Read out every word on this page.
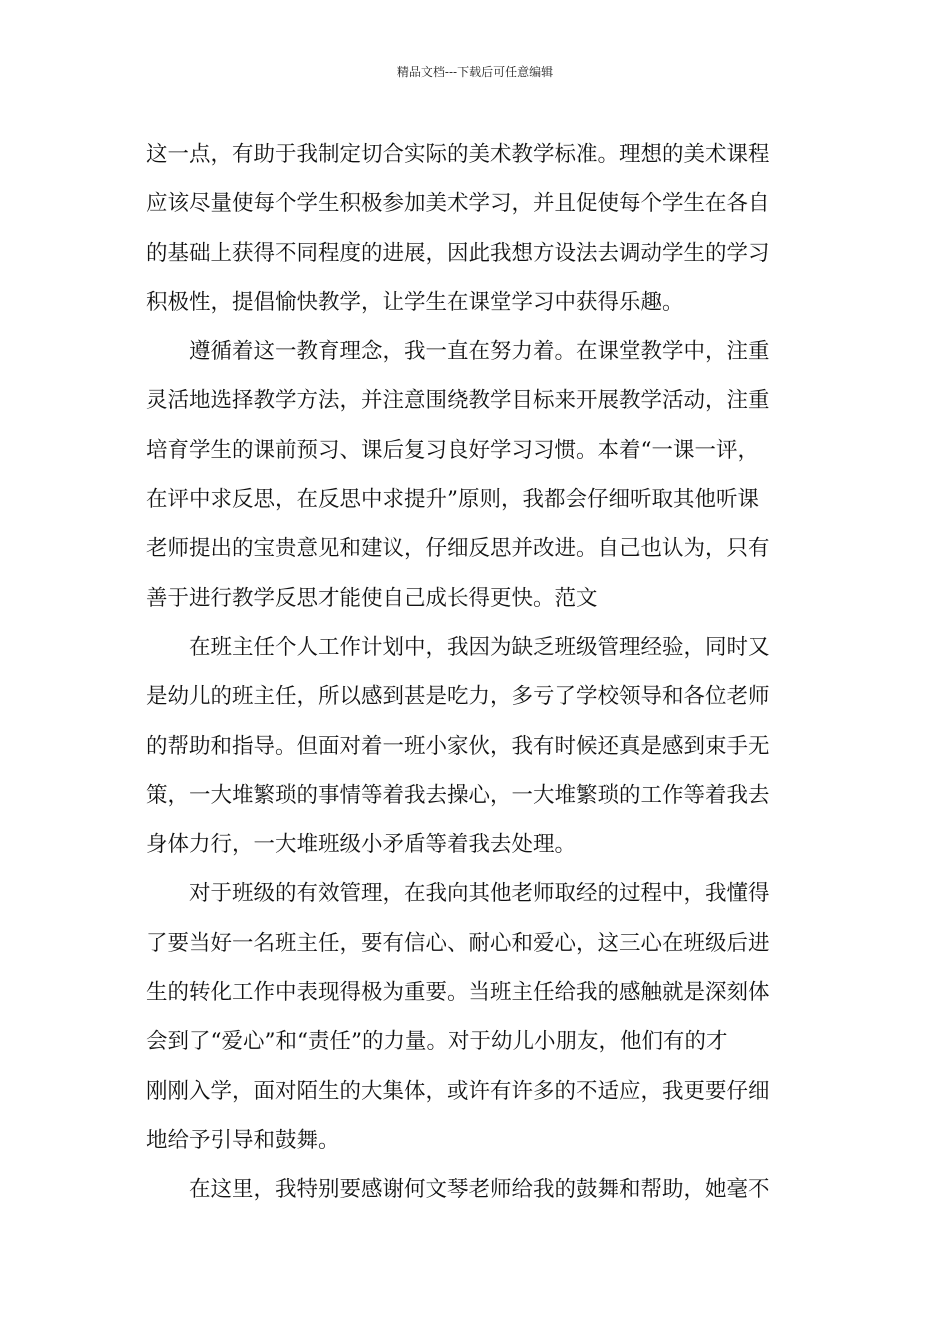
精品文档---下载后可任意编辑
这一点，有助于我制定切合实际的美术教学标准。理想的美术课程
应该尽量使每个学生积极参加美术学习，并且促使每个学生在各自
的基础上获得不同程度的进展，因此我想方设法去调动学生的学习
积极性，提倡愉快教学，让学生在课堂学习中获得乐趣。
遵循着这一教育理念，我一直在努力着。在课堂教学中，注重
灵活地选择教学方法，并注意围绕教学目标来开展教学活动，注重
培育学生的课前预习、课后复习良好学习习惯。本着“一课一评，
在评中求反思，在反思中求提升”原则，我都会仔细听取其他听课
老师提出的宝贵意见和建议，仔细反思并改进。自己也认为，只有
善于进行教学反思才能使自己成长得更快。范文
在班主任个人工作计划中，我因为缺乏班级管理经验，同时又
是幼儿的班主任，所以感到甚是吃力，多亏了学校领导和各位老师
的帮助和指导。但面对着一班小家伙，我有时候还真是感到束手无
策，一大堆繁琐的事情等着我去操心，一大堆繁琐的工作等着我去
身体力行，一大堆班级小矛盾等着我去处理。
对于班级的有效管理，在我向其他老师取经的过程中，我懂得
了要当好一名班主任，要有信心、耐心和爱心，这三心在班级后进
生的转化工作中表现得极为重要。当班主任给我的感触就是深刻体
会到了“爱心”和“责任”的力量。对于幼儿小朋友，他们有的才
刚刚入学，面对陌生的大集体，或许有许多的不适应，我更要仔细
地给予引导和鼓舞。
在这里，我特别要感谢何文琴老师给我的鼓舞和帮助，她毫不
